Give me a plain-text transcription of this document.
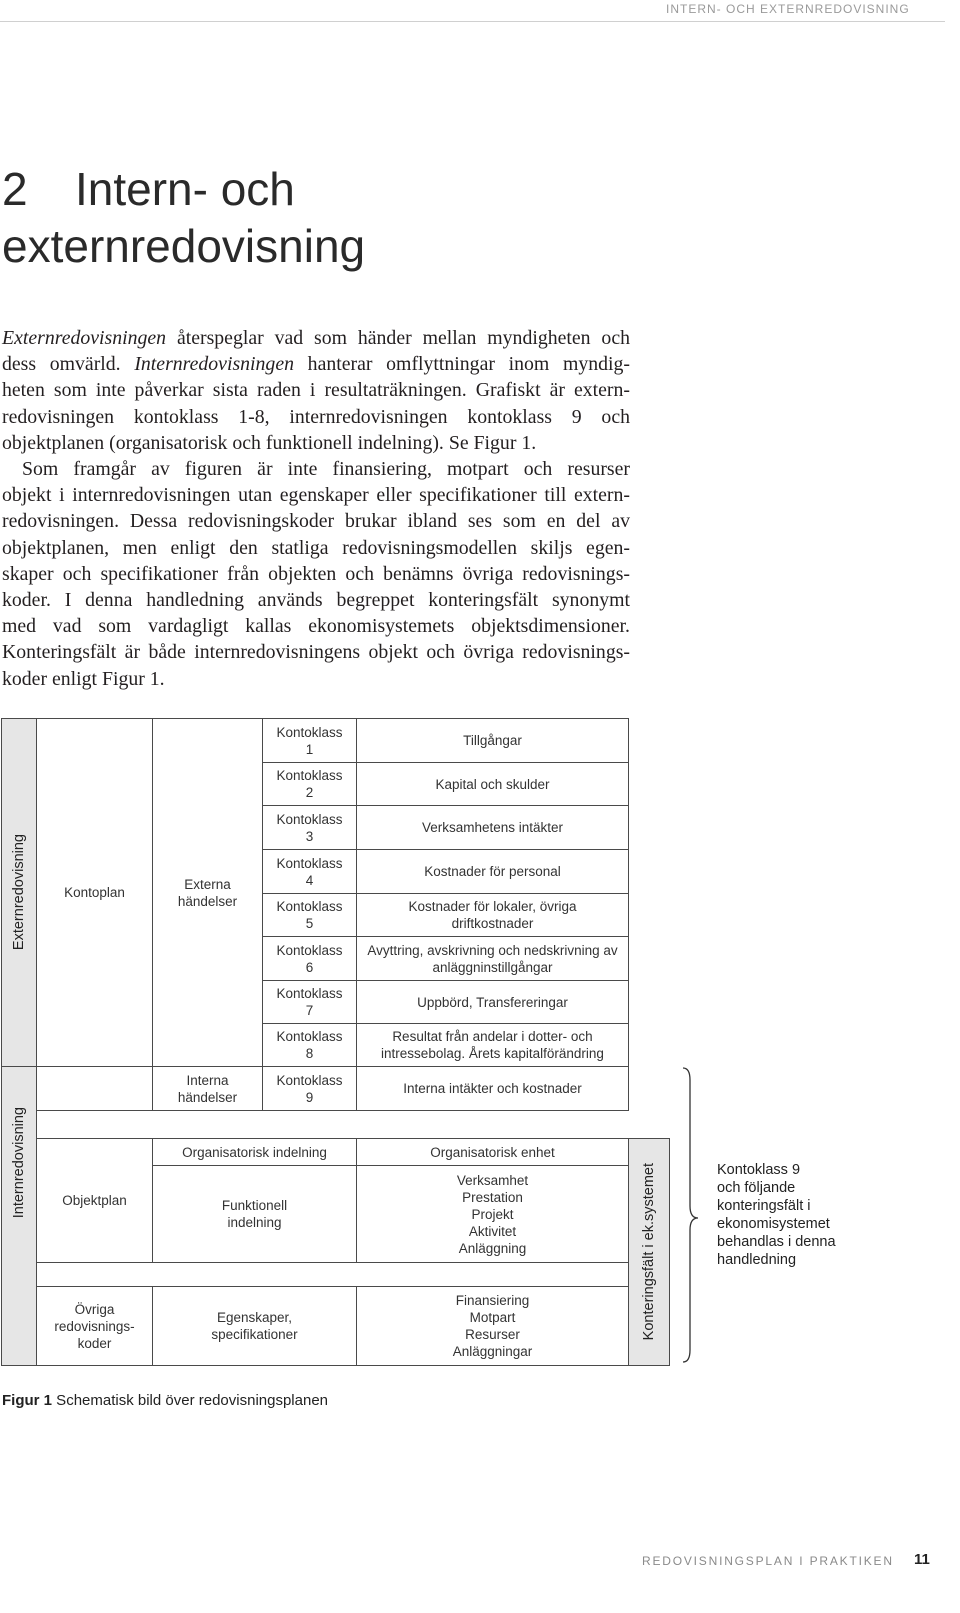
INTERN- OCH EXTERNREDOVISNING
2 Intern- och
externredovisning
Externredovisningen återspeglar vad som händer mellan myndigheten och
dess omvärld. Internredovisningen hanterar omflyttningar inom myndig-
heten som inte påverkar sista raden i resultaträkningen. Grafiskt är extern-
redovisningen kontoklass 1-8, internredovisningen kontoklass 9 och
objektplanen (organisatorisk och funktionell indelning). Se Figur 1.
Som framgår av figuren är inte finansiering, motpart och resurser
objekt i internredovisningen utan egenskaper eller specifikationer till extern-
redovisningen. Dessa redovisningskoder brukar ibland ses som en del av
objektplanen, men enligt den statliga redovisningsmodellen skiljs egen-
skaper och specifikationer från objekten och benämns övriga redovisnings-
koder. I denna handledning används begreppet konteringsfält synonymt
med vad som vardagligt kallas ekonomisystemets objektsdimensioner.
Konteringsfält är både internredovisningens objekt och övriga redovisnings-
koder enligt Figur 1.
Externredovisning
Internredovisning
Kontoplan
Externa
händelser
Interna
händelser
Kontoklass
1
Tillgångar
Kontoklass
2
Kapital och skulder
Kontoklass
3
Verksamhetens intäkter
Kontoklass
4
Kostnader för personal
Kontoklass
5
Kostnader för lokaler, övriga
driftkostnader
Kontoklass
6
Avyttring, avskrivning och nedskrivning av
anläggninstillgångar
Kontoklass
7
Uppbörd, Transfereringar
Kontoklass
8
Resultat från andelar i dotter- och
intressebolag. Årets kapitalförändring
Kontoklass
9
Interna intäkter och kostnader
Objektplan
Organisatorisk indelning
Funktionell
indelning
Organisatorisk enhet
Verksamhet
Prestation
Projekt
Aktivitet
Anläggning
Övriga
redovisnings-
koder
Egenskaper,
specifikationer
Finansiering
Motpart
Resurser
Anläggningar
Konteringsfält i ek.systemet	Kontoklass 9
och följande
konteringsfält i
ekonomisystemet
behandlas i denna
handledning
Figur 1 Schematisk bild över redovisningsplanen
REDOVISNINGSPLAN I PRAKTIKEN 11
